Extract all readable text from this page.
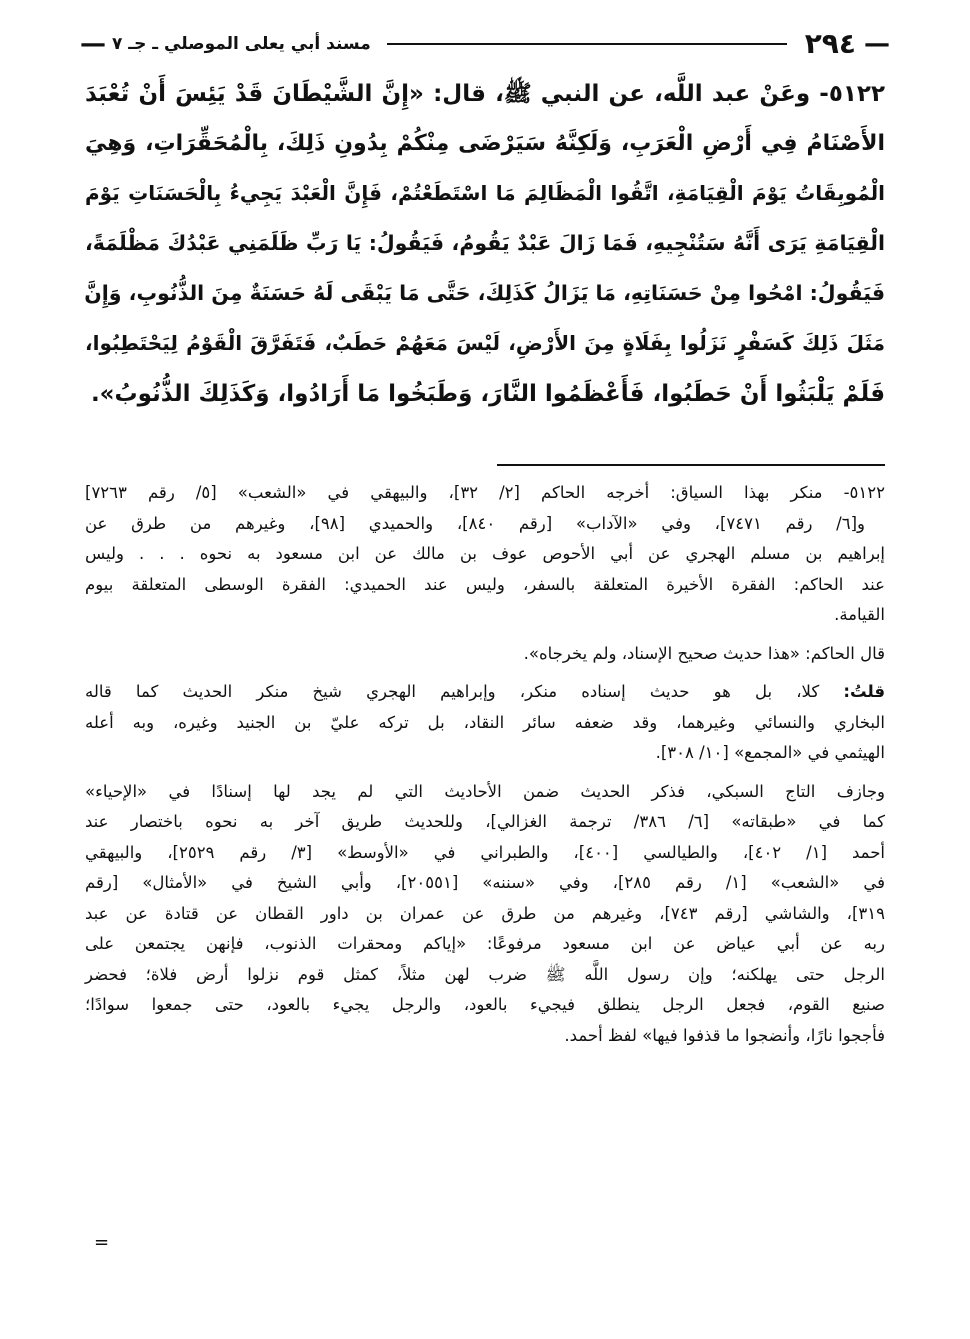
—
٢٩٤
مسند أبي يعلى الموصلي ـ جـ ٧
—
٥١٢٢- وعَنْ عبد اللَّه، عن النبي ﷺ، قال: «إِنَّ الشَّيْطَانَ قَدْ يَئِسَ أَنْ تُعْبَدَ
الأَصْنَامُ فِي أَرْضِ الْعَرَبِ، وَلَكِنَّهُ سَيَرْضَى مِنْكُمْ بِدُونِ ذَلِكَ، بِالْمُحَقِّرَاتِ، وَهِيَ
الْمُوبِقَاتُ يَوْمَ الْقِيَامَةِ، اتَّقُوا الْمَظَالِمَ مَا اسْتَطَعْتُمْ، فَإِنَّ الْعَبْدَ يَجِيءُ بِالْحَسَنَاتِ يَوْمَ
الْقِيَامَةِ يَرَى أَنَّهُ سَتُنْجِيهِ، فَمَا زَالَ عَبْدٌ يَقُومُ، فَيَقُولُ: يَا رَبِّ ظَلَمَنِي عَبْدُكَ مَظْلَمَةً،
فَيَقُولُ: امْحُوا مِنْ حَسَنَاتِهِ، مَا يَزَالُ كَذَلِكَ، حَتَّى مَا يَبْقَى لَهُ حَسَنَةٌ مِنَ الذُّنُوبِ، وَإِنَّ
مَثَلَ ذَلِكَ كَسَفْرٍ نَزَلُوا بِفَلَاةٍ مِنَ الأَرْضِ، لَيْسَ مَعَهُمْ حَطَبٌ، فَتَفَرَّقَ الْقَوْمُ لِيَحْتَطِبُوا،
فَلَمْ يَلْبَثُوا أَنْ حَطَبُوا، فَأَعْظَمُوا النَّارَ، وَطَبَخُوا مَا أَرَادُوا، وَكَذَلِكَ الذُّنُوبُ».
٥١٢٢- منكر بهذا السياق: أخرجه الحاكم [٢/ ٣٢]، والبيهقي في «الشعب» [٥/ رقم ٧٢٦٣]
و[٦/ رقم ٧٤٧١]، وفي «الآداب» [رقم ٨٤٠]، والحميدي [٩٨]، وغيرهم من طرق عن
إبراهيم بن مسلم الهجري عن أبي الأحوص عوف بن مالك عن ابن مسعود به نحوه . . . وليس
عند الحاكم: الفقرة الأخيرة المتعلقة بالسفر، وليس عند الحميدي: الفقرة الوسطى المتعلقة بيوم
القيامة.
قال الحاكم: «هذا حديث صحيح الإسناد، ولم يخرجاه».
قلتُ: كلا، بل هو حديث إسناده منكر، وإبراهيم الهجري شيخ منكر الحديث كما قاله
البخاري والنسائي وغيرهما، وقد ضعفه سائر النقاد، بل تركه عليّ بن الجنيد وغيره، وبه أعله
الهيثمي في «المجمع» [١٠/ ٣٠٨].
وجازف التاج السبكي، فذكر الحديث ضمن الأحاديث التي لم يجد لها إسنادًا في «الإحياء»
كما في «طبقاته» [٦/ ٣٨٦/ ترجمة الغزالي]، وللحديث طريق آخر به نحوه باختصار عند
أحمد [١/ ٤٠٢]، والطيالسي [٤٠٠]، والطبراني في «الأوسط» [٣/ رقم ٢٥٢٩]، والبيهقي
في «الشعب» [١/ رقم ٢٨٥]، وفي «سننه» [٢٠٥٥١]، وأبي الشيخ في «الأمثال» [رقم
٣١٩]، والشاشي [رقم ٧٤٣]، وغيرهم من طرق عن عمران بن داور القطان عن قتادة عن عبد
ربه عن أبي عياض عن ابن مسعود مرفوعًا: «إياكم ومحقرات الذنوب، فإنهن يجتمعن على
الرجل حتى يهلكنه؛ وإن رسول اللَّه ﷺ ضرب لهن مثلاً، كمثل قوم نزلوا أرض فلاة؛ فحضر
صنيع القوم، فجعل الرجل ينطلق فيجيء بالعود، والرجل يجيء بالعود، حتى جمعوا سوادًا؛
فأججوا نارًا، وأنضجوا ما قذفوا فيها» لفظ أحمد.
=
